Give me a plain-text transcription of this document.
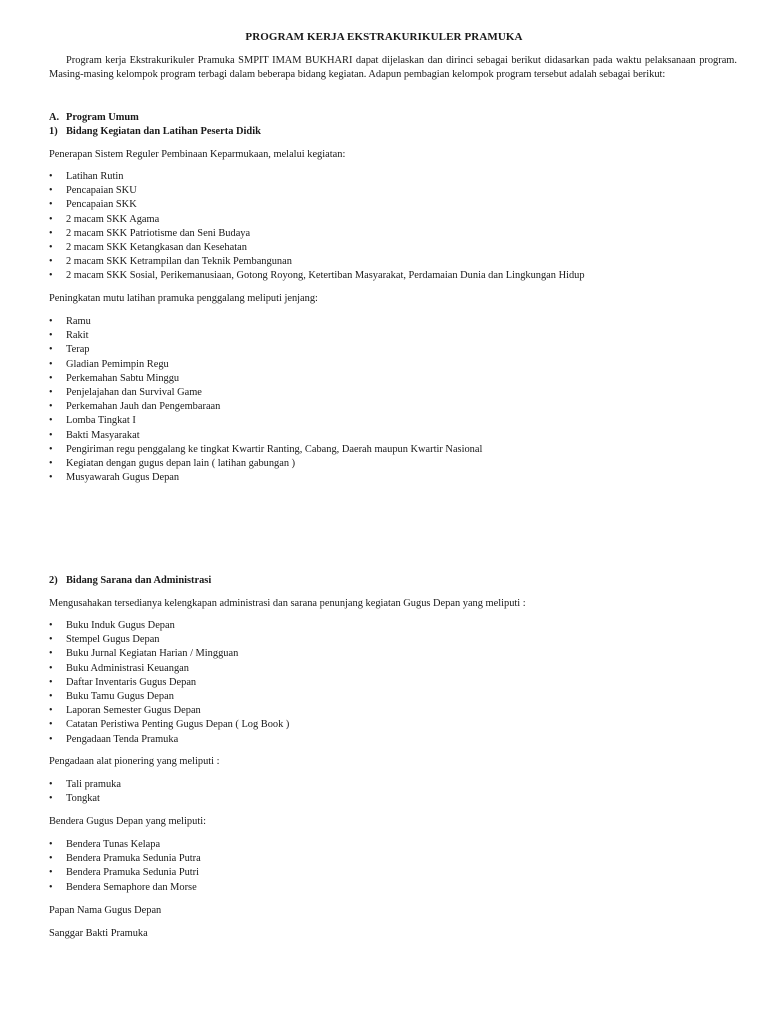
PROGRAM KERJA EKSTRAKURIKULER PRAMUKA
Program kerja Ekstrakurikuler Pramuka SMPIT IMAM BUKHARI dapat dijelaskan dan dirinci sebagai berikut didasarkan pada waktu pelaksanaan program. Masing-masing kelompok program terbagi dalam beberapa bidang kegiatan. Adapun pembagian kelompok program tersebut adalah sebagai berikut:
A. Program Umum
1) Bidang Kegiatan dan Latihan Peserta Didik
Penerapan Sistem Reguler Pembinaan Keparmukaan, melalui kegiatan:
• Latihan Rutin
• Pencapaian SKU
• Pencapaian SKK
• 2 macam SKK Agama
• 2 macam SKK Patriotisme dan Seni Budaya
• 2 macam SKK Ketangkasan dan Kesehatan
• 2 macam SKK Ketrampilan dan Teknik Pembangunan
• 2 macam SKK Sosial, Perikemanusiaan, Gotong Royong, Ketertiban Masyarakat, Perdamaian Dunia dan Lingkungan Hidup
Peningkatan mutu latihan pramuka penggalang meliputi jenjang:
• Ramu
• Rakit
• Terap
• Gladian Pemimpin Regu
• Perkemahan Sabtu Minggu
• Penjelajahan dan Survival Game
• Perkemahan Jauh dan Pengembaraan
• Lomba Tingkat I
• Bakti Masyarakat
• Pengiriman regu penggalang ke tingkat Kwartir Ranting, Cabang, Daerah maupun Kwartir Nasional
• Kegiatan dengan gugus depan lain ( latihan gabungan )
• Musyawarah Gugus Depan
2) Bidang Sarana dan Administrasi
Mengusahakan tersedianya kelengkapan administrasi dan sarana penunjang kegiatan Gugus Depan yang meliputi :
• Buku Induk Gugus Depan
• Stempel Gugus Depan
• Buku Jurnal Kegiatan Harian / Mingguan
• Buku Administrasi Keuangan
• Daftar Inventaris Gugus Depan
• Buku Tamu Gugus Depan
• Laporan Semester Gugus Depan
• Catatan Peristiwa Penting Gugus Depan ( Log Book )
• Pengadaan Tenda Pramuka
Pengadaan alat pionering yang meliputi :
• Tali pramuka
• Tongkat
Bendera Gugus Depan yang meliputi:
• Bendera Tunas Kelapa
• Bendera Pramuka Sedunia Putra
• Bendera Pramuka Sedunia Putri
• Bendera Semaphore dan Morse
Papan Nama Gugus Depan
Sanggar Bakti Pramuka
